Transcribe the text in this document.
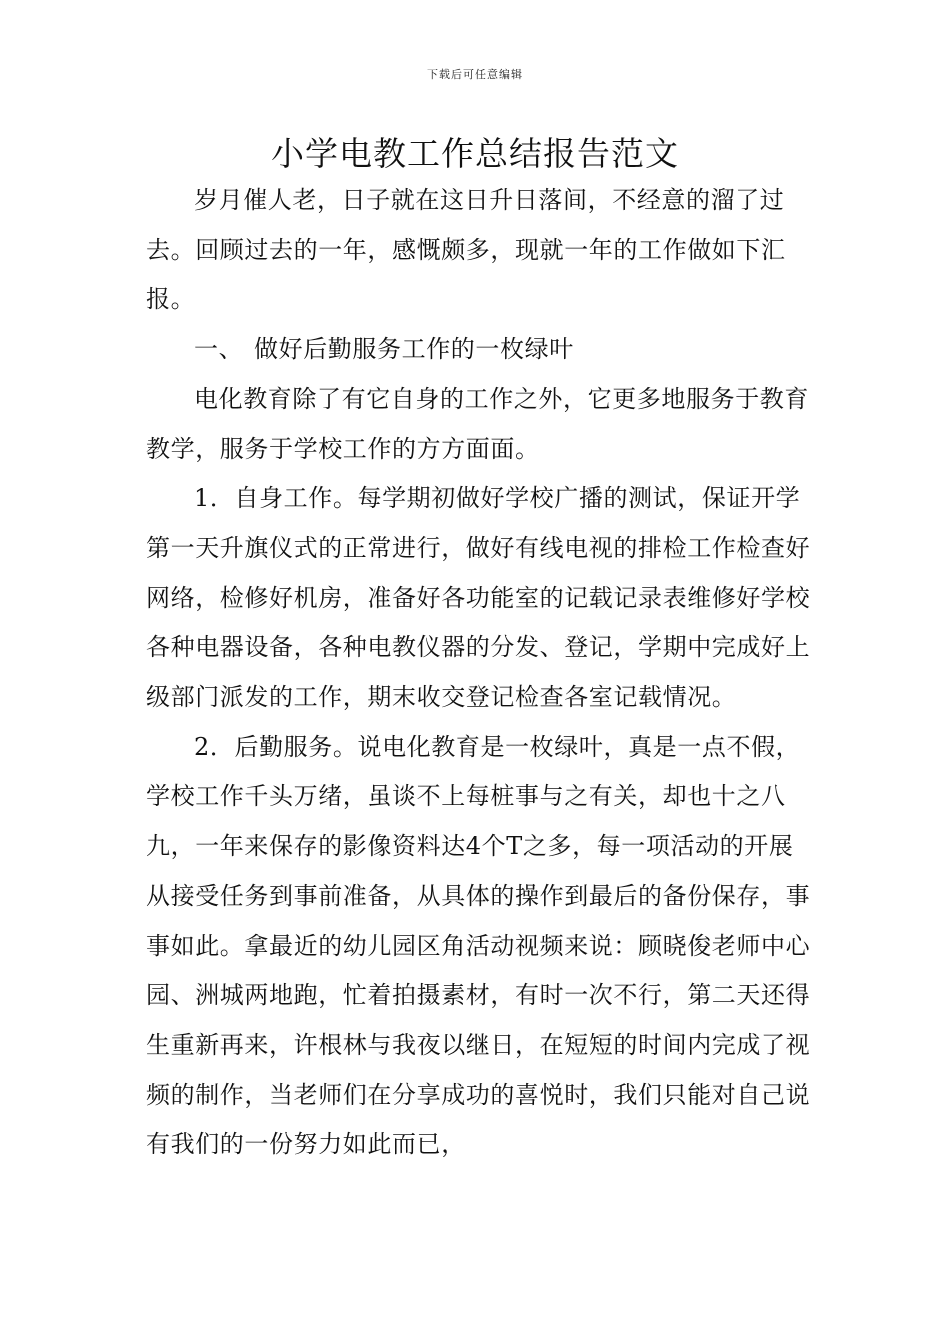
下载后可任意编辑
小学电教工作总结报告范文

岁月催人老，日子就在这日升日落间，不经意的溜了过去。回顾过去的一年，感慨颇多，现就一年的工作做如下汇报。

一、 做好后勤服务工作的一枚绿叶

电化教育除了有它自身的工作之外，它更多地服务于教育教学，服务于学校工作的方方面面。

1．自身工作。每学期初做好学校广播的测试，保证开学第一天升旗仪式的正常进行，做好有线电视的排检工作检查好网络，检修好机房，准备好各功能室的记载记录表维修好学校各种电器设备，各种电教仪器的分发、登记，学期中完成好上级部门派发的工作，期末收交登记检查各室记载情况。

2．后勤服务。说电化教育是一枚绿叶，真是一点不假，学校工作千头万绪，虽谈不上每桩事与之有关，却也十之八九，一年来保存的影像资料达4个T之多，每一项活动的开展从接受任务到事前准备，从具体的操作到最后的备份保存，事事如此。拿最近的幼儿园区角活动视频来说：顾晓俊老师中心园、洲城两地跑，忙着拍摄素材，有时一次不行，第二天还得生重新再来，许根林与我夜以继日，在短短的时间内完成了视频的制作，当老师们在分享成功的喜悦时，我们只能对自己说有我们的一份努力如此而已，
